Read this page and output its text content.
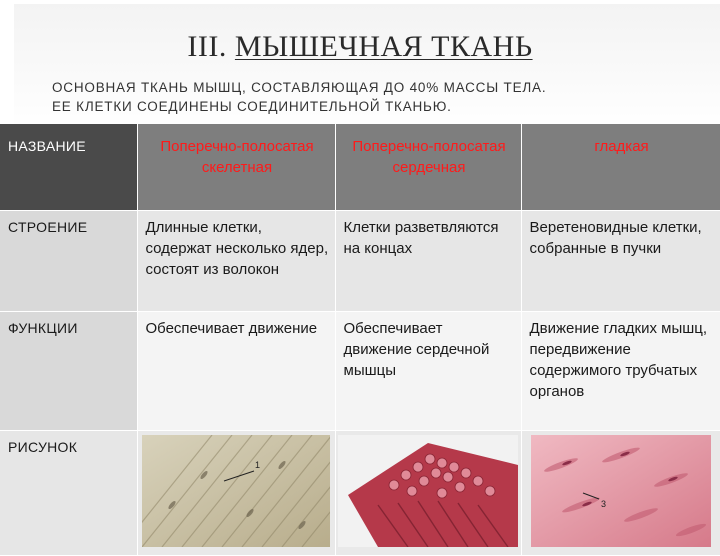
III. МЫШЕЧНАЯ ТКАНЬ
ОСНОВНАЯ ТКАНЬ МЫШЦ, СОСТАВЛЯЮЩАЯ ДО 40% МАССЫ ТЕЛА.
ЕЕ КЛЕТКИ СОЕДИНЕНЫ СОЕДИНИТЕЛЬНОЙ ТКАНЬЮ.
НАЗВАНИЕ	Поперечно-полосатая скелетная	Поперечно-полосатая сердечная	гладкая
СТРОЕНИЕ	Длинные клетки, содержат несколько ядер, состоят из волокон	Клетки разветвляются на концах	Веретеновидные клетки, собранные в пучки
ФУНКЦИИ	Обеспечивает движение	Обеспечивает движение сердечной мышцы	Движение гладких мышц, передвижение содержимого трубчатых органов
РИСУНОК	1		3
